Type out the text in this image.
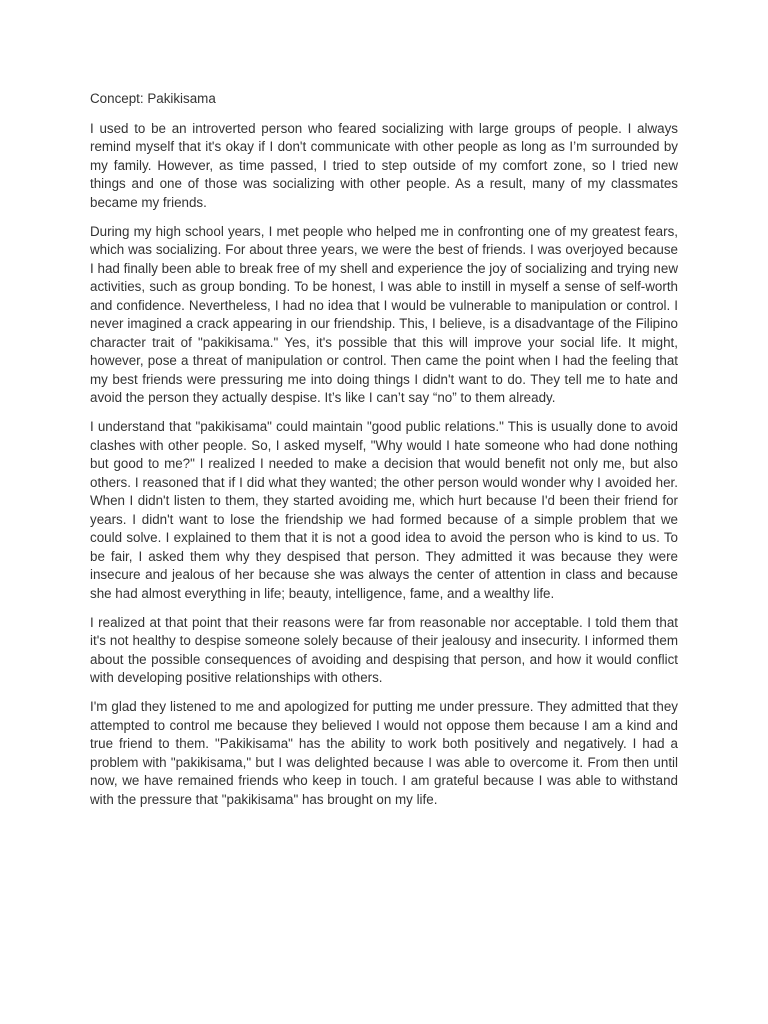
Concept: Pakikisama

I used to be an introverted person who feared socializing with large groups of people. I always remind myself that it's okay if I don't communicate with other people as long as I’m surrounded by my family. However, as time passed, I tried to step outside of my comfort zone, so I tried new things and one of those was socializing with other people. As a result, many of my classmates became my friends.

During my high school years, I met people who helped me in confronting one of my greatest fears, which was socializing. For about three years, we were the best of friends. I was overjoyed because I had finally been able to break free of my shell and experience the joy of socializing and trying new activities, such as group bonding. To be honest, I was able to instill in myself a sense of self-worth and confidence. Nevertheless, I had no idea that I would be vulnerable to manipulation or control. I never imagined a crack appearing in our friendship. This, I believe, is a disadvantage of the Filipino character trait of "pakikisama." Yes, it's possible that this will improve your social life. It might, however, pose a threat of manipulation or control. Then came the point when I had the feeling that my best friends were pressuring me into doing things I didn't want to do. They tell me to hate and avoid the person they actually despise. It’s like I can’t say “no” to them already.

I understand that "pakikisama" could maintain "good public relations." This is usually done to avoid clashes with other people. So, I asked myself, "Why would I hate someone who had done nothing but good to me?" I realized I needed to make a decision that would benefit not only me, but also others. I reasoned that if I did what they wanted; the other person would wonder why I avoided her. When I didn't listen to them, they started avoiding me, which hurt because I'd been their friend for years. I didn't want to lose the friendship we had formed because of a simple problem that we could solve. I explained to them that it is not a good idea to avoid the person who is kind to us. To be fair, I asked them why they despised that person. They admitted it was because they were insecure and jealous of her because she was always the center of attention in class and because she had almost everything in life; beauty, intelligence, fame, and a wealthy life.

I realized at that point that their reasons were far from reasonable nor acceptable. I told them that it's not healthy to despise someone solely because of their jealousy and insecurity. I informed them about the possible consequences of avoiding and despising that person, and how it would conflict with developing positive relationships with others.

I'm glad they listened to me and apologized for putting me under pressure. They admitted that they attempted to control me because they believed I would not oppose them because I am a kind and true friend to them. "Pakikisama" has the ability to work both positively and negatively. I had a problem with "pakikisama," but I was delighted because I was able to overcome it. From then until now, we have remained friends who keep in touch. I am grateful because I was able to withstand with the pressure that "pakikisama" has brought on my life.
